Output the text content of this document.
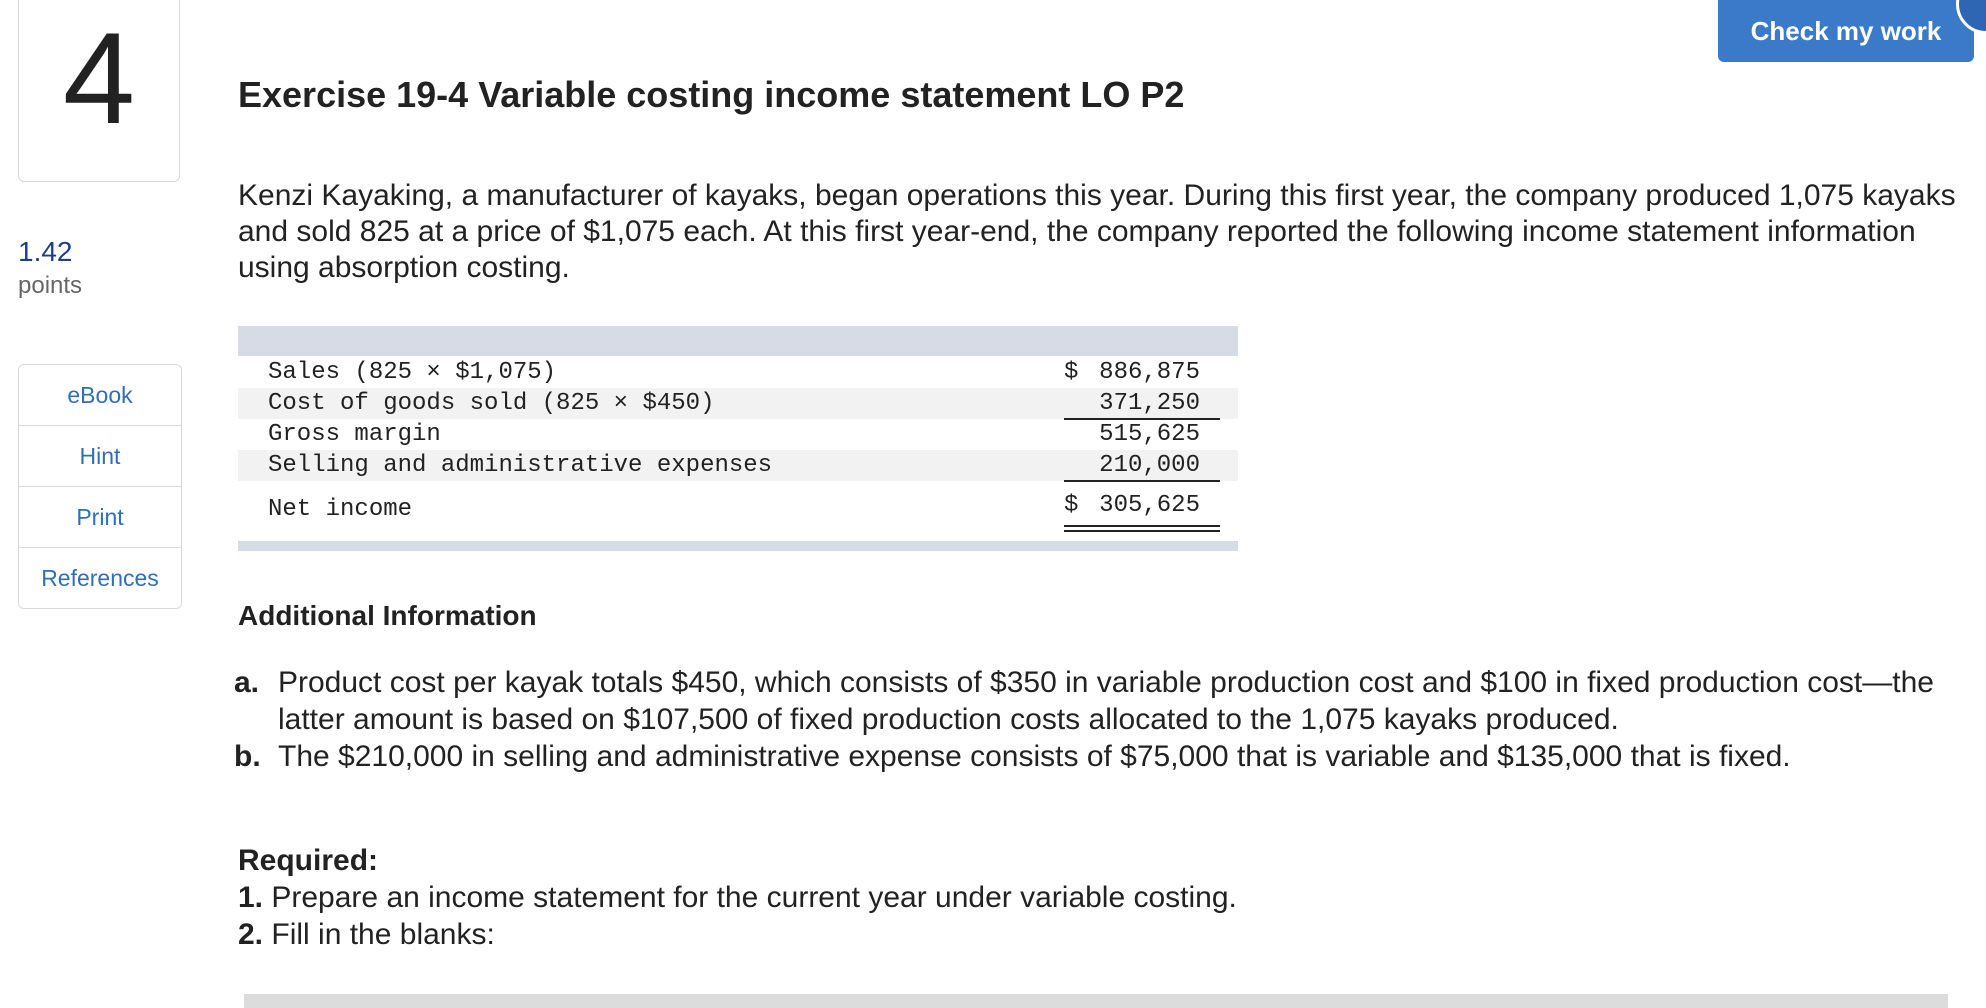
4
1.42
points
eBook
Hint
Print
References
Check my work
Exercise 19-4 Variable costing income statement LO P2
Kenzi Kayaking, a manufacturer of kayaks, began operations this year. During this first year, the company produced 1,075 kayaks and sold 825 at a price of $1,075 each. At this first year-end, the company reported the following income statement information using absorption costing.
Sales (825 × $1,075)	$ 886,875
Cost of goods sold (825 × $450)	371,250
Gross margin	515,625
Selling and administrative expenses	210,000
Net income	$ 305,625
Additional Information
a. Product cost per kayak totals $450, which consists of $350 in variable production cost and $100 in fixed production cost—the latter amount is based on $107,500 of fixed production costs allocated to the 1,075 kayaks produced.
b. The $210,000 in selling and administrative expense consists of $75,000 that is variable and $135,000 that is fixed.
Required:
1. Prepare an income statement for the current year under variable costing.
2. Fill in the blanks:
